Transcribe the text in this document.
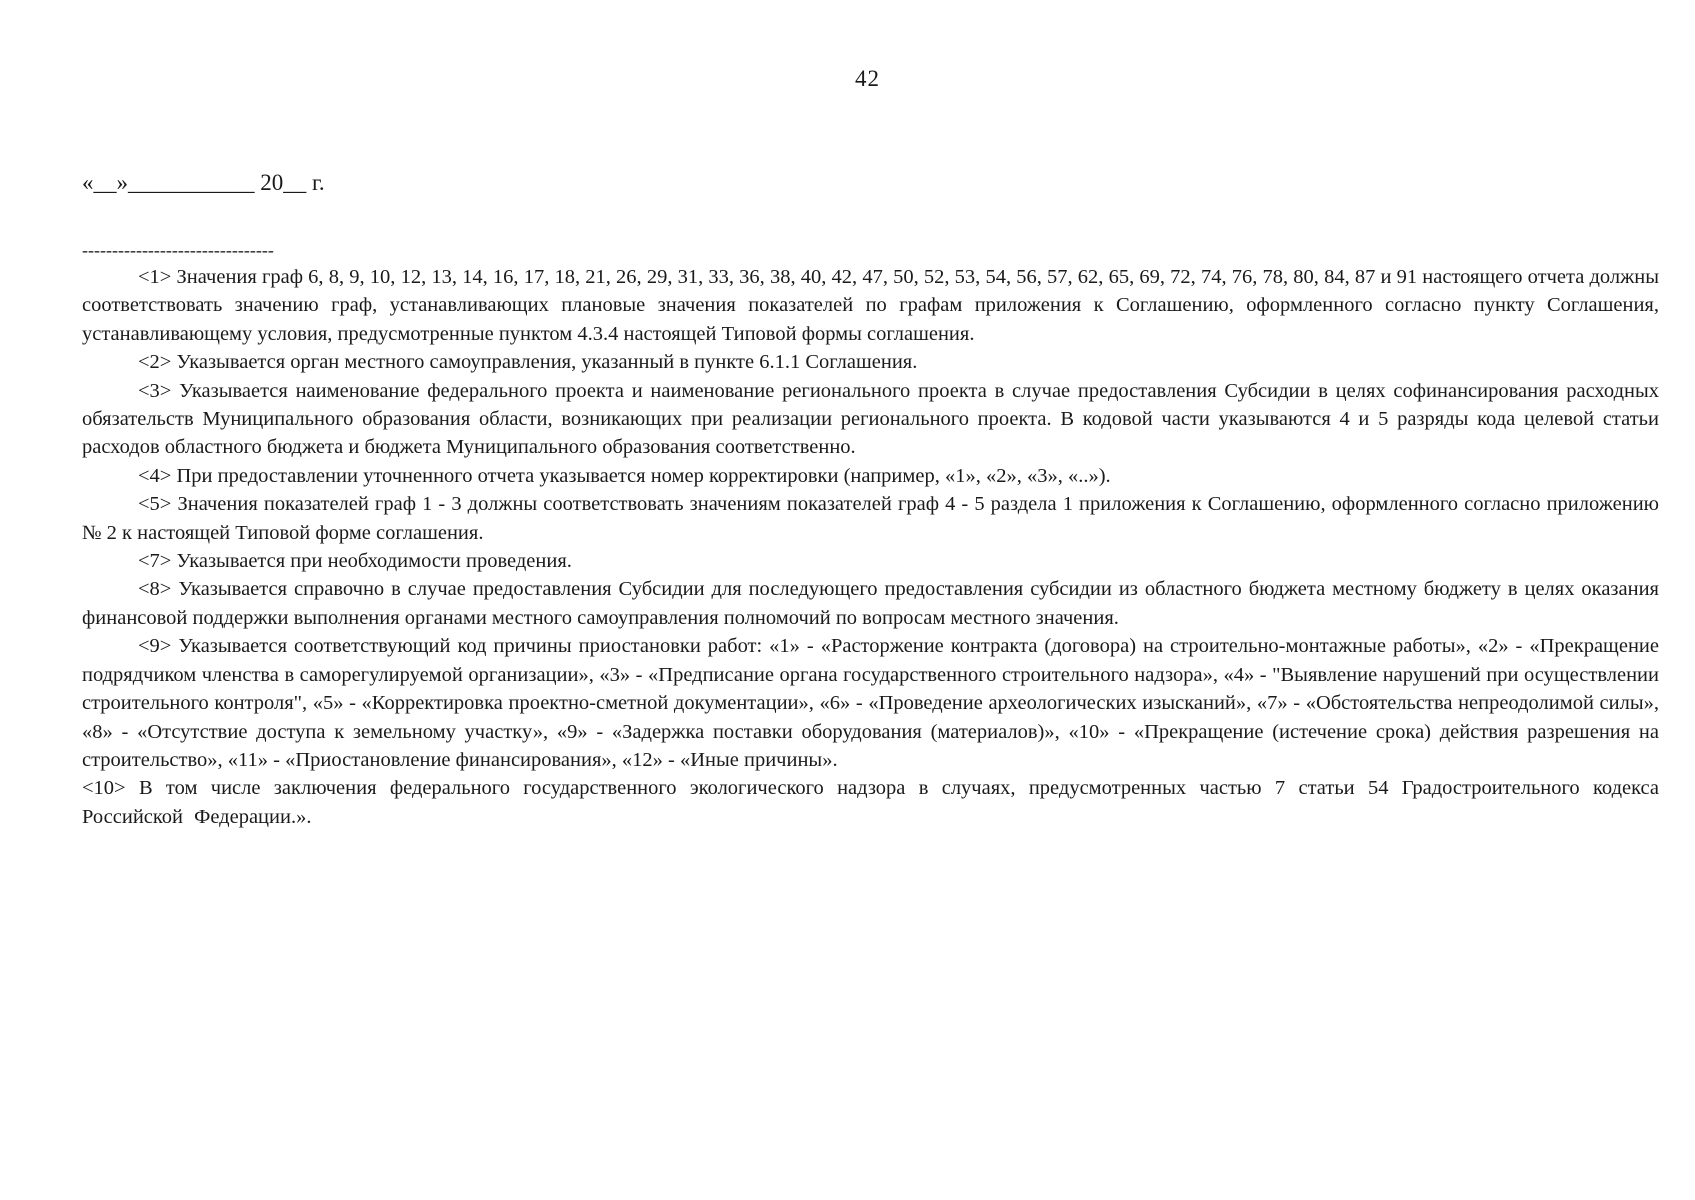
42
«__»___________ 20__ г.
--------------------------------

<1> Значения граф 6, 8, 9, 10, 12, 13, 14, 16, 17, 18, 21, 26, 29, 31, 33, 36, 38, 40, 42, 47, 50, 52, 53, 54, 56, 57, 62, 65, 69, 72, 74, 76, 78, 80, 84, 87 и 91 настоящего отчета должны соответствовать значению граф, устанавливающих плановые значения показателей по графам приложения к Соглашению, оформленного согласно пункту Соглашения, устанавливающему условия, предусмотренные пунктом 4.3.4 настоящей Типовой формы соглашения.

<2> Указывается орган местного самоуправления, указанный в пункте 6.1.1 Соглашения.

<3> Указывается наименование федерального проекта и наименование регионального проекта в случае предоставления Субсидии в целях софинансирования расходных обязательств Муниципального образования области, возникающих при реализации регионального проекта. В кодовой части указываются 4 и 5 разряды кода целевой статьи расходов областного бюджета и бюджета Муниципального образования соответственно.

<4> При предоставлении уточненного отчета указывается номер корректировки (например, «1», «2», «3», «..»).

<5> Значения показателей граф 1 - 3 должны соответствовать значениям показателей граф 4 - 5 раздела 1 приложения к Соглашению, оформленного согласно приложению № 2 к настоящей Типовой форме соглашения.

<7> Указывается при необходимости проведения.

<8> Указывается справочно в случае предоставления Субсидии для последующего предоставления субсидии из областного бюджета местному бюджету в целях оказания финансовой поддержки выполнения органами местного самоуправления полномочий по вопросам местного значения.

<9> Указывается соответствующий код причины приостановки работ: «1» - «Расторжение контракта (договора) на строительно-монтажные работы», «2» - «Прекращение подрядчиком членства в саморегулируемой организации», «3» - «Предписание органа государственного строительного надзора», «4» - "Выявление нарушений при осуществлении строительного контроля", «5» - «Корректировка проектно-сметной документации», «6» - «Проведение археологических изысканий», «7» - «Обстоятельства непреодолимой силы», «8» - «Отсутствие доступа к земельному участку», «9» - «Задержка поставки оборудования (материалов)», «10» - «Прекращение (истечение срока) действия разрешения на строительство», «11» - «Приостановление финансирования», «12» - «Иные причины».

<10> В том числе заключения федерального государственного экологического надзора в случаях, предусмотренных частью 7 статьи 54 Градостроительного кодекса Российской Федерации.».
